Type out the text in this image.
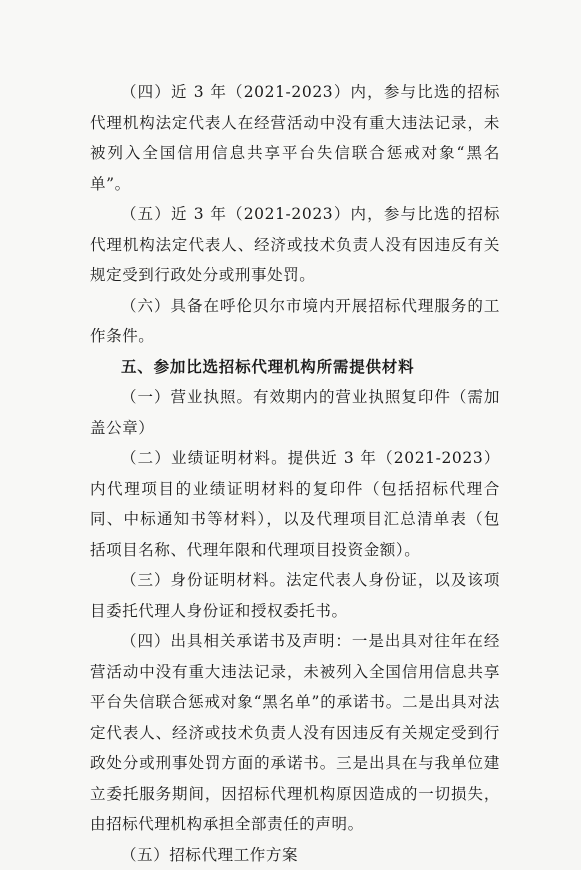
（四）近 3 年（2021-2023）内，参与比选的招标代理机构法定代表人在经营活动中没有重大违法记录，未被列入全国信用信息共享平台失信联合惩戒对象“黑名单”。

（五）近 3 年（2021-2023）内，参与比选的招标代理机构法定代表人、经济或技术负责人没有因违反有关规定受到行政处分或刑事处罚。

（六）具备在呼伦贝尔市境内开展招标代理服务的工作条件。

五、参加比选招标代理机构所需提供材料

（一）营业执照。有效期内的营业执照复印件（需加盖公章）

（二）业绩证明材料。提供近 3 年（2021-2023）内代理项目的业绩证明材料的复印件（包括招标代理合同、中标通知书等材料），以及代理项目汇总清单表（包括项目名称、代理年限和代理项目投资金额）。

（三）身份证明材料。法定代表人身份证，以及该项目委托代理人身份证和授权委托书。

（四）出具相关承诺书及声明：一是出具对往年在经营活动中没有重大违法记录，未被列入全国信用信息共享平台失信联合惩戒对象“黑名单”的承诺书。二是出具对法定代表人、经济或技术负责人没有因违反有关规定受到行政处分或刑事处罚方面的承诺书。三是出具在与我单位建立委托服务期间，因招标代理机构原因造成的一切损失，由招标代理机构承担全部责任的声明。

（五）招标代理工作方案
